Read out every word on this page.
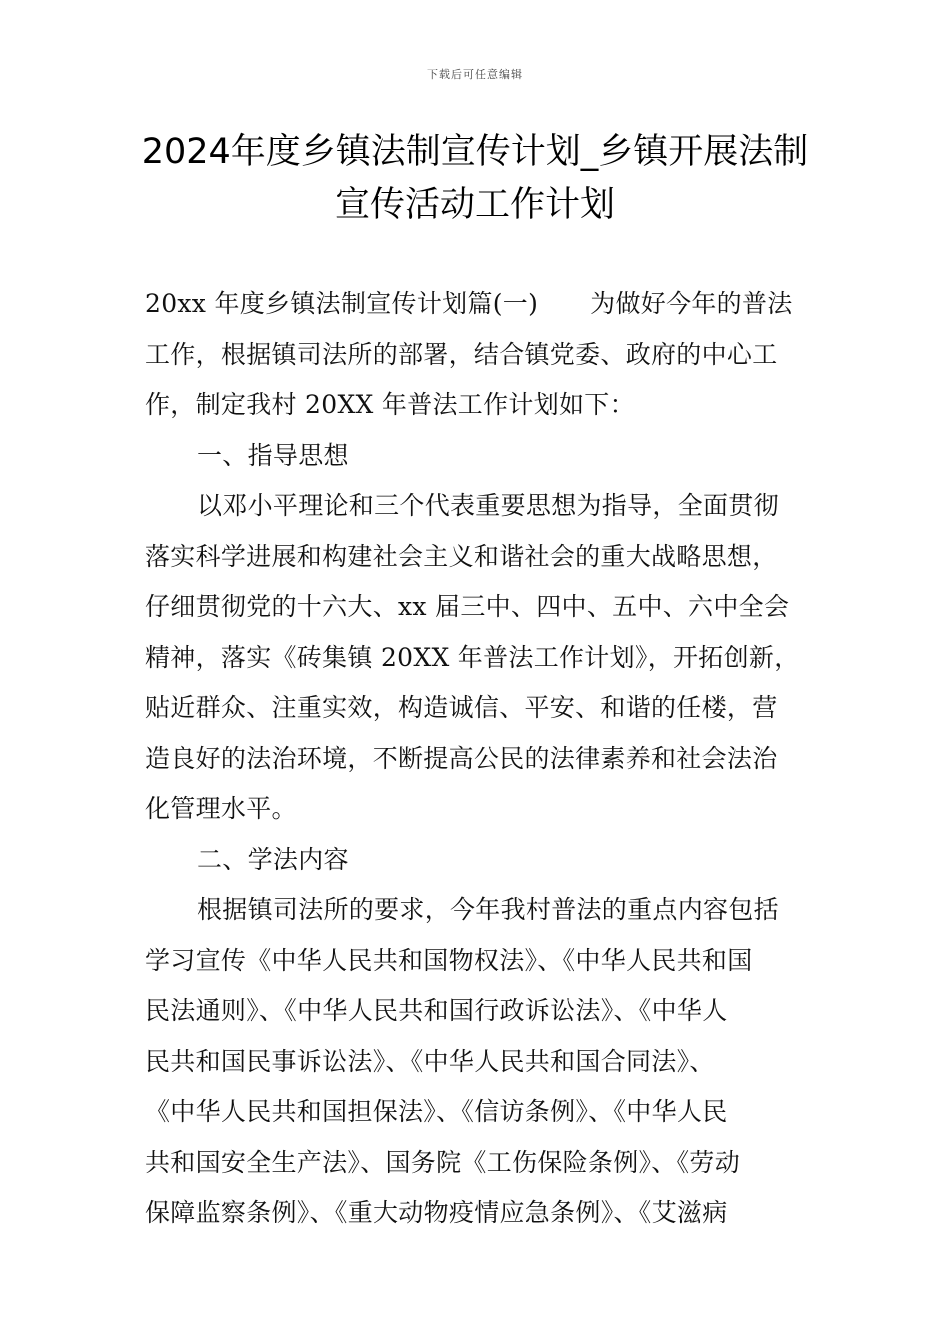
下载后可任意编辑
2024年度乡镇法制宣传计划_乡镇开展法制
宣传活动工作计划
20xx 年度乡镇法制宣传计划篇(一) 为做好今年的普法
工作，根据镇司法所的部署，结合镇党委、政府的中心工
作，制定我村 20XX 年普法工作计划如下：
一、指导思想
以邓小平理论和三个代表重要思想为指导，全面贯彻
落实科学进展和构建社会主义和谐社会的重大战略思想，
仔细贯彻党的十六大、xx 届三中、四中、五中、六中全会
精神，落实《砖集镇 20XX 年普法工作计划》，开拓创新，
贴近群众、注重实效，构造诚信、平安、和谐的任楼，营
造良好的法治环境，不断提高公民的法律素养和社会法治
化管理水平。
二、学法内容
根据镇司法所的要求，今年我村普法的重点内容包括
学习宣传《中华人民共和国物权法》、《中华人民共和国
民法通则》、《中华人民共和国行政诉讼法》、《中华人
民共和国民事诉讼法》、《中华人民共和国合同法》、
《中华人民共和国担保法》、《信访条例》、《中华人民
共和国安全生产法》、国务院《工伤保险条例》、《劳动
保障监察条例》、《重大动物疫情应急条例》、《艾滋病
